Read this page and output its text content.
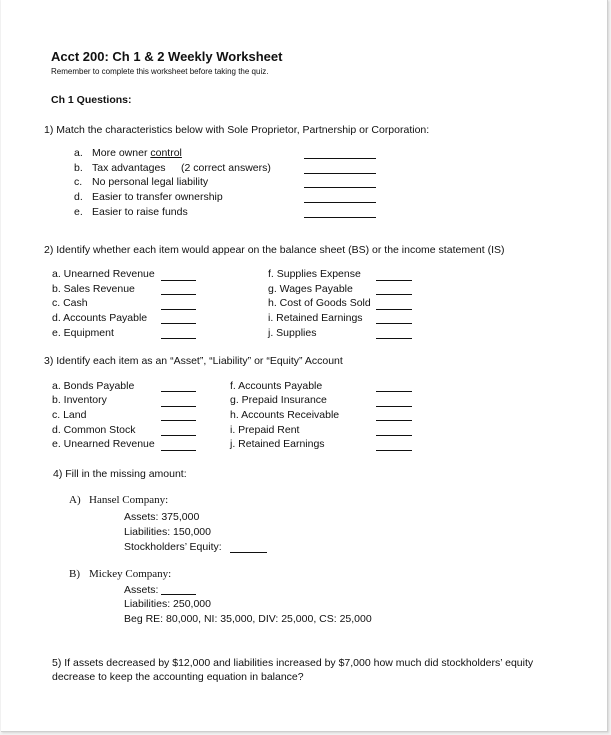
Acct 200: Ch 1 & 2 Weekly Worksheet
Remember to complete this worksheet before taking the quiz.
Ch 1 Questions:
1) Match the characteristics below with Sole Proprietor, Partnership or Corporation:
a. More owner control
b. Tax advantages (2 correct answers)
c. No personal legal liability
d. Easier to transfer ownership
e. Easier to raise funds
2) Identify whether each item would appear on the balance sheet (BS) or the income statement (IS)
a. Unearned Revenue
b. Sales Revenue
c. Cash
d. Accounts Payable
e. Equipment
f. Supplies Expense
g. Wages Payable
h. Cost of Goods Sold
i. Retained Earnings
j. Supplies
3) Identify each item as an “Asset”, “Liability” or “Equity” Account
a. Bonds Payable
b. Inventory
c. Land
d. Common Stock
e. Unearned Revenue
f. Accounts Payable
g. Prepaid Insurance
h. Accounts Receivable
i. Prepaid Rent
j. Retained Earnings
4) Fill in the missing amount:
A) Hansel Company:
Assets: 375,000
Liabilities: 150,000
Stockholders’ Equity:
B) Mickey Company:
Assets:
Liabilities: 250,000
Beg RE: 80,000, NI: 35,000, DIV: 25,000, CS: 25,000
5) If assets decreased by $12,000 and liabilities increased by $7,000 how much did stockholders’ equity
decrease to keep the accounting equation in balance?
